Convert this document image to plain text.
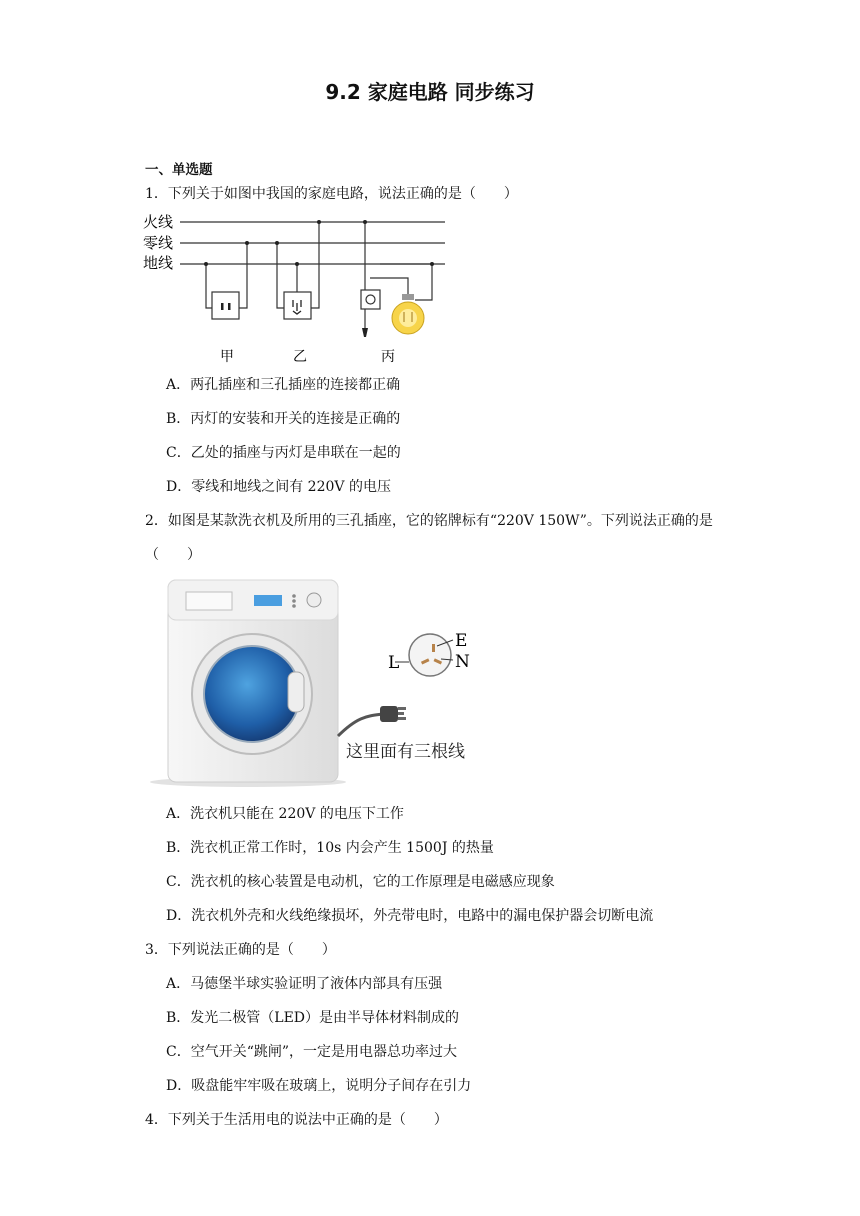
9.2 家庭电路 同步练习
一、单选题
1．下列关于如图中我国的家庭电路，说法正确的是（　　）
火线
零线
地线
甲	乙	丙
A．两孔插座和三孔插座的连接都正确
B．丙灯的安装和开关的连接是正确的
C．乙处的插座与丙灯是串联在一起的
D．零线和地线之间有 220V 的电压
2．如图是某款洗衣机及所用的三孔插座，它的铭牌标有“220V 150W”。下列说法正确的是（　　）
这里面有三根线
E
L	N
A．洗衣机只能在 220V 的电压下工作
B．洗衣机正常工作时，10s 内会产生 1500J 的热量
C．洗衣机的核心装置是电动机，它的工作原理是电磁感应现象
D．洗衣机外壳和火线绝缘损坏，外壳带电时，电路中的漏电保护器会切断电流
3．下列说法正确的是（　　）
A．马德堡半球实验证明了液体内部具有压强
B．发光二极管（LED）是由半导体材料制成的
C．空气开关“跳闸”，一定是用电器总功率过大
D．吸盘能牢牢吸在玻璃上，说明分子间存在引力
4．下列关于生活用电的说法中正确的是（　　）
